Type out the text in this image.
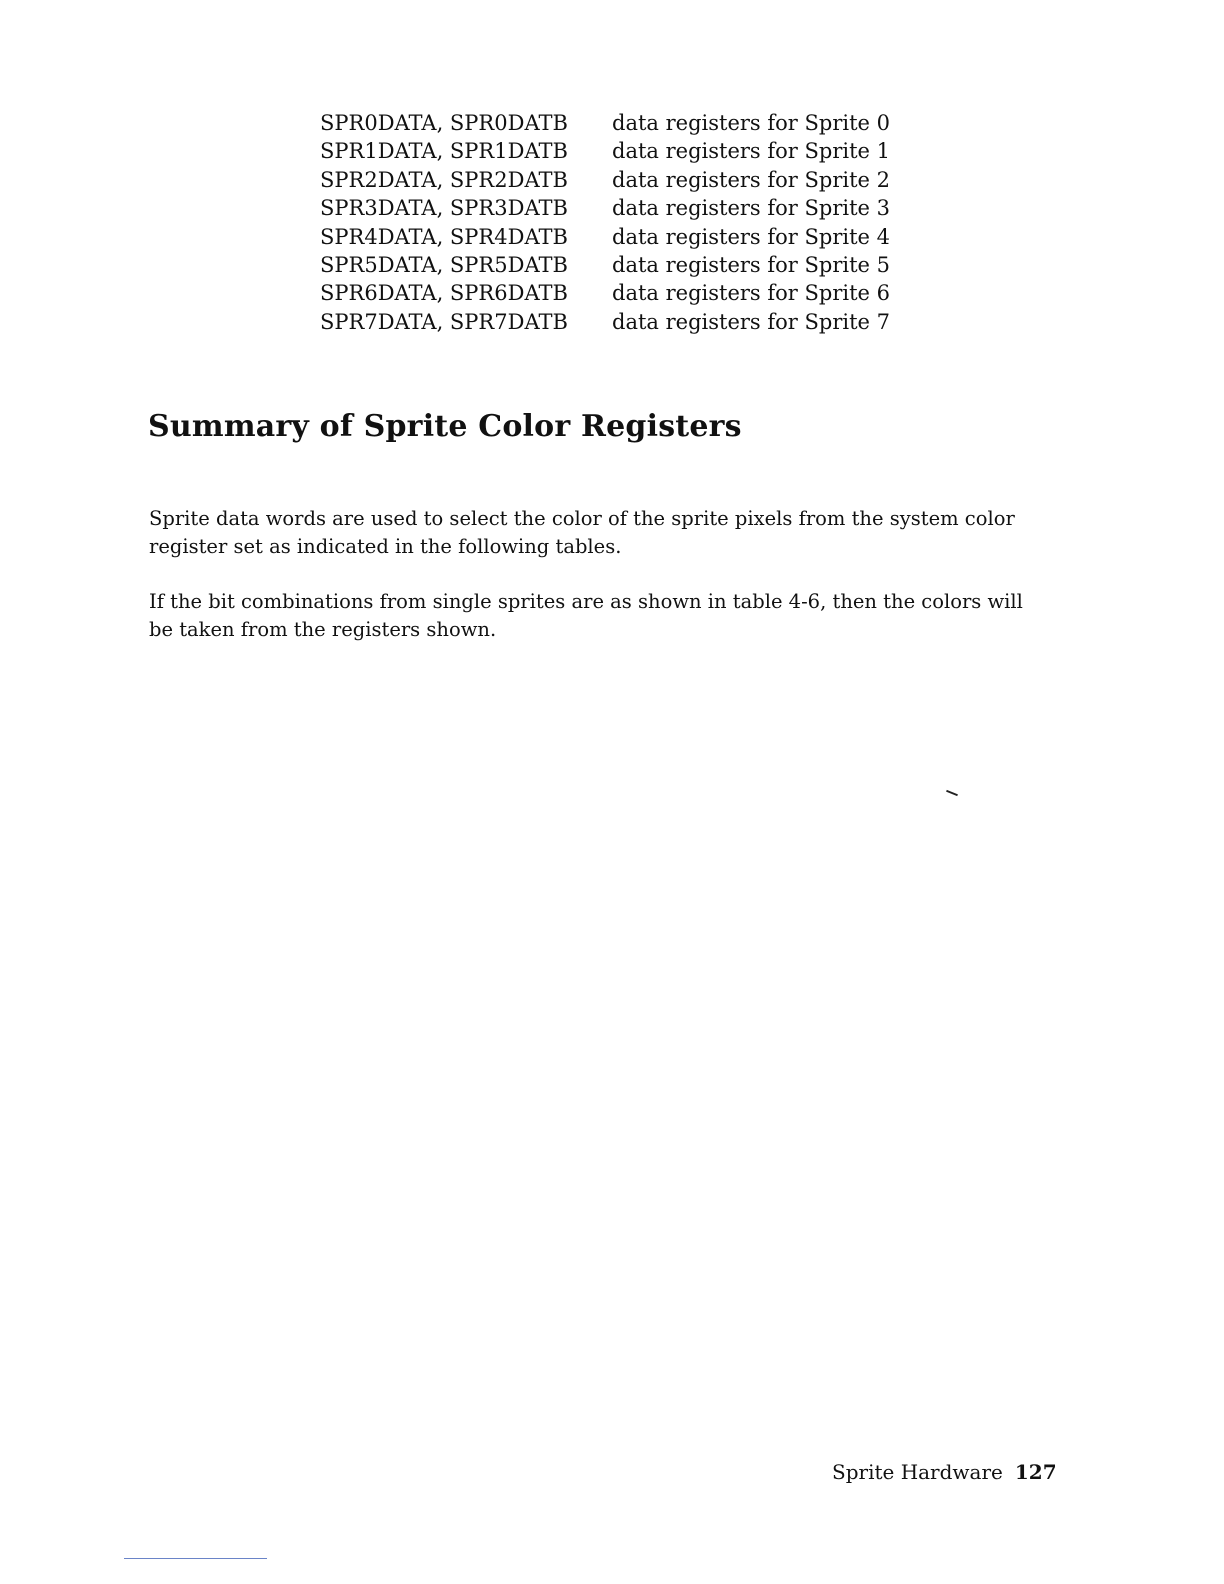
SPR0DATA, SPR0DATB	data registers for Sprite 0
SPR1DATA, SPR1DATB	data registers for Sprite 1
SPR2DATA, SPR2DATB	data registers for Sprite 2
SPR3DATA, SPR3DATB	data registers for Sprite 3
SPR4DATA, SPR4DATB	data registers for Sprite 4
SPR5DATA, SPR5DATB	data registers for Sprite 5
SPR6DATA, SPR6DATB	data registers for Sprite 6
SPR7DATA, SPR7DATB	data registers for Sprite 7
Summary of Sprite Color Registers

Sprite data words are used to select the color of the sprite pixels from the system color register set as indicated in the following tables.

If the bit combinations from single sprites are as shown in table 4-6, then the colors will be taken from the registers shown.

Sprite Hardware 127
